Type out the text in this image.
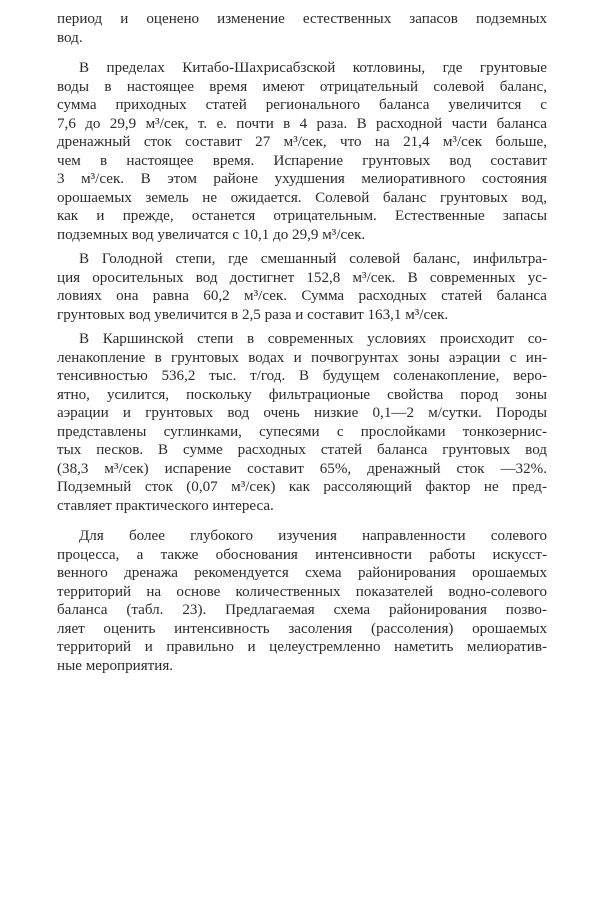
период и оценено изменение естественных запасов подземных
вод.
В пределах Китабо-Шахрисабзской котловины, где грунтовые
воды в настоящее время имеют отрицательный солевой баланс,
сумма приходных статей регионального баланса увеличится с
7,6 до 29,9 м³/сек, т. е. почти в 4 раза. В расходной части баланса
дренажный сток составит 27 м³/сек, что на 21,4 м³/сек больше,
чем в настоящее время. Испарение грунтовых вод составит
3 м³/сек. В этом районе ухудшения мелиоративного состояния
орошаемых земель не ожидается. Солевой баланс грунтовых вод,
как и прежде, останется отрицательным. Естественные запасы
подземных вод увеличатся с 10,1 до 29,9 м³/сек.
В Голодной степи, где смешанный солевой баланс, инфильтра-
ция оросительных вод достигнет 152,8 м³/сек. В современных ус-
ловиях она равна 60,2 м³/сек. Сумма расходных статей баланса
грунтовых вод увеличится в 2,5 раза и составит 163,1 м³/сек.
В Каршинской степи в современных условиях происходит со-
ленакопление в грунтовых водах и почвогрунтах зоны аэрации с ин-
тенсивностью 536,2 тыс. т/год. В будущем соленакопление, веро-
ятно, усилится, поскольку фильтрационые свойства пород зоны
аэрации и грунтовых вод очень низкие 0,1—2 м/сутки. Породы
представлены суглинками, супесями с прослойками тонкозернис-
тых песков. В сумме расходных статей баланса грунтовых вод
(38,3 м³/сек) испарение составит 65%, дренажный сток —32%.
Подземный сток (0,07 м³/сек) как рассоляющий фактор не пред-
ставляет практического интереса.
Для более глубокого изучения направленности солевого
процесса, а также обоснования интенсивности работы искусст-
венного дренажа рекомендуется схема районирования орошаемых
территорий на основе количественных показателей водно-солевого
баланса (табл. 23). Предлагаемая схема районирования позво-
ляет оценить интенсивность засоления (рассоления) орошаемых
территорий и правильно и целеустремленно наметить мелиоратив-
ные мероприятия.
